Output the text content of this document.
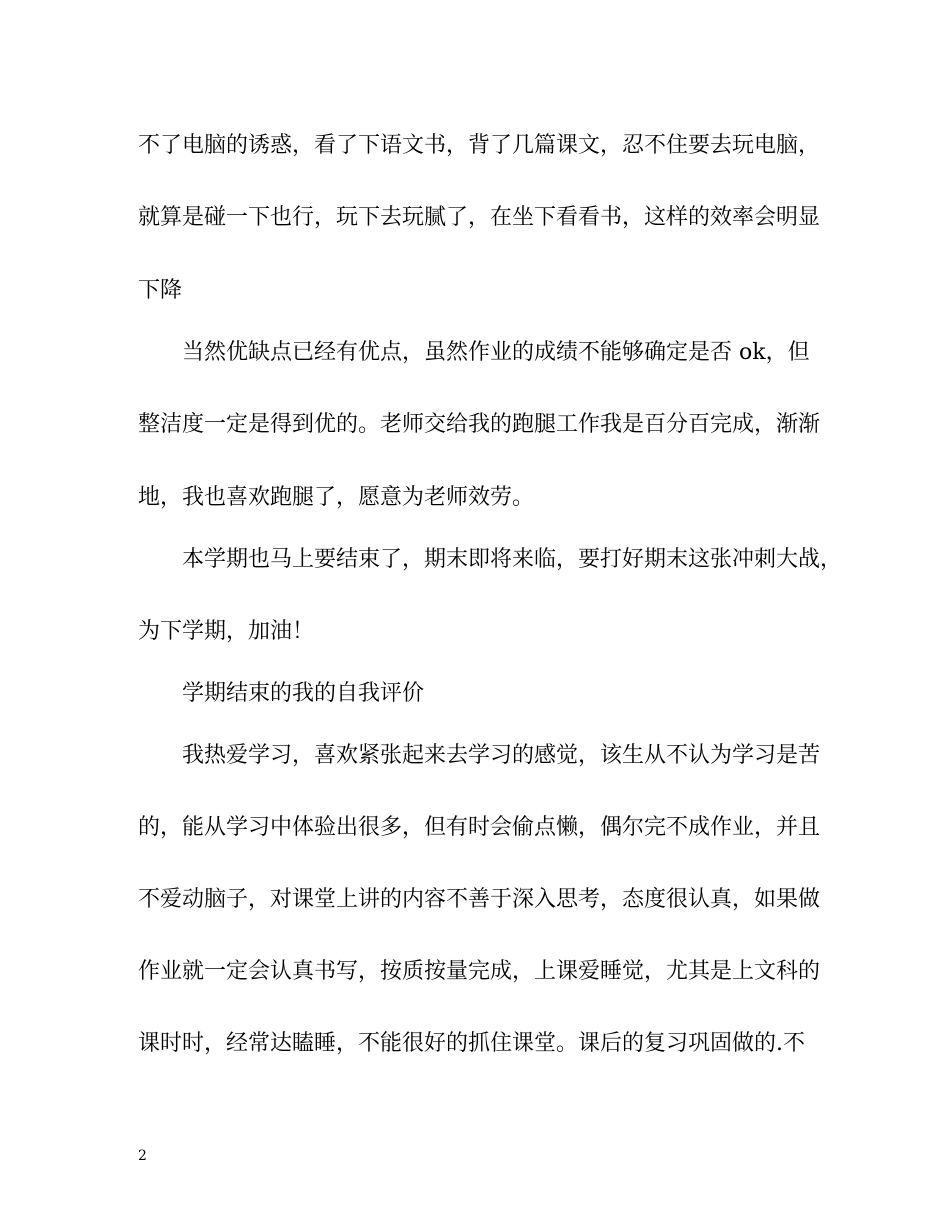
不了电脑的诱惑，看了下语文书，背了几篇课文，忍不住要去玩电脑，
就算是碰一下也行，玩下去玩腻了，在坐下看看书，这样的效率会明显
下降
当然优缺点已经有优点，虽然作业的成绩不能够确定是否 ok，但
整洁度一定是得到优的。老师交给我的跑腿工作我是百分百完成，渐渐
地，我也喜欢跑腿了，愿意为老师效劳。
本学期也马上要结束了，期末即将来临，要打好期末这张冲刺大战，
为下学期，加油！
学期结束的我的自我评价
我热爱学习，喜欢紧张起来去学习的感觉，该生从不认为学习是苦
的，能从学习中体验出很多，但有时会偷点懒，偶尔完不成作业，并且
不爱动脑子，对课堂上讲的内容不善于深入思考，态度很认真，如果做
作业就一定会认真书写，按质按量完成，上课爱睡觉，尤其是上文科的
课时时，经常达瞌睡，不能很好的抓住课堂。课后的复习巩固做的.不
2
